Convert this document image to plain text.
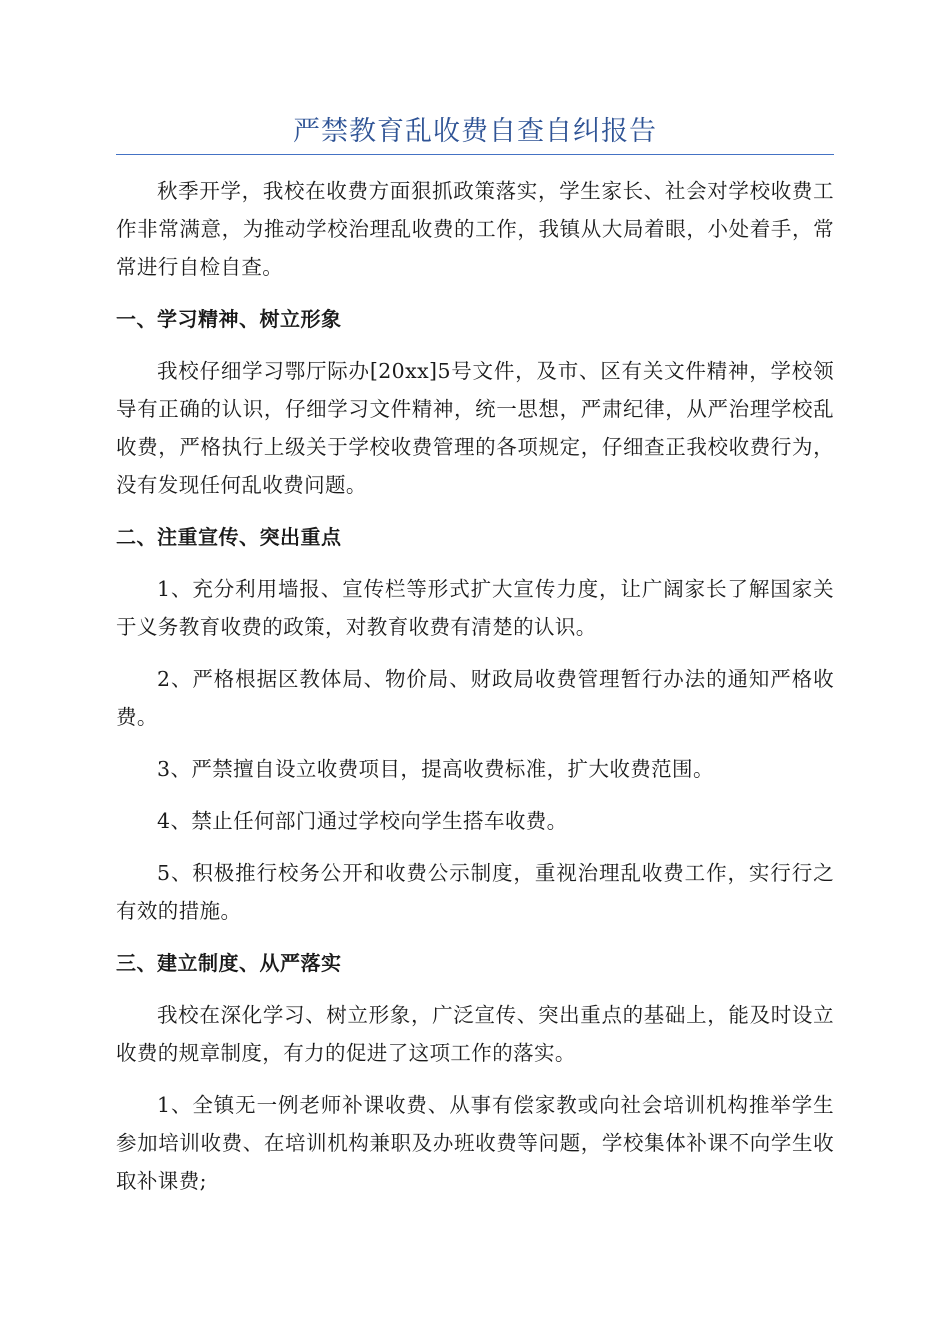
严禁教育乱收费自查自纠报告

秋季开学，我校在收费方面狠抓政策落实，学生家长、社会对学校收费工作非常满意，为推动学校治理乱收费的工作，我镇从大局着眼，小处着手，常常进行自检自查。

一、学习精神、树立形象

我校仔细学习鄂厅际办[20xx]5号文件，及市、区有关文件精神，学校领导有正确的认识，仔细学习文件精神，统一思想，严肃纪律，从严治理学校乱收费，严格执行上级关于学校收费管理的各项规定，仔细查正我校收费行为，没有发现任何乱收费问题。

二、注重宣传、突出重点

1、充分利用墙报、宣传栏等形式扩大宣传力度，让广阔家长了解国家关于义务教育收费的政策，对教育收费有清楚的认识。

2、严格根据区教体局、物价局、财政局收费管理暂行办法的通知严格收费。

3、严禁擅自设立收费项目，提高收费标准，扩大收费范围。

4、禁止任何部门通过学校向学生搭车收费。

5、积极推行校务公开和收费公示制度，重视治理乱收费工作，实行行之有效的措施。

三、建立制度、从严落实

我校在深化学习、树立形象，广泛宣传、突出重点的基础上，能及时设立收费的规章制度，有力的促进了这项工作的落实。

1、全镇无一例老师补课收费、从事有偿家教或向社会培训机构推举学生参加培训收费、在培训机构兼职及办班收费等问题，学校集体补课不向学生收取补课费;
